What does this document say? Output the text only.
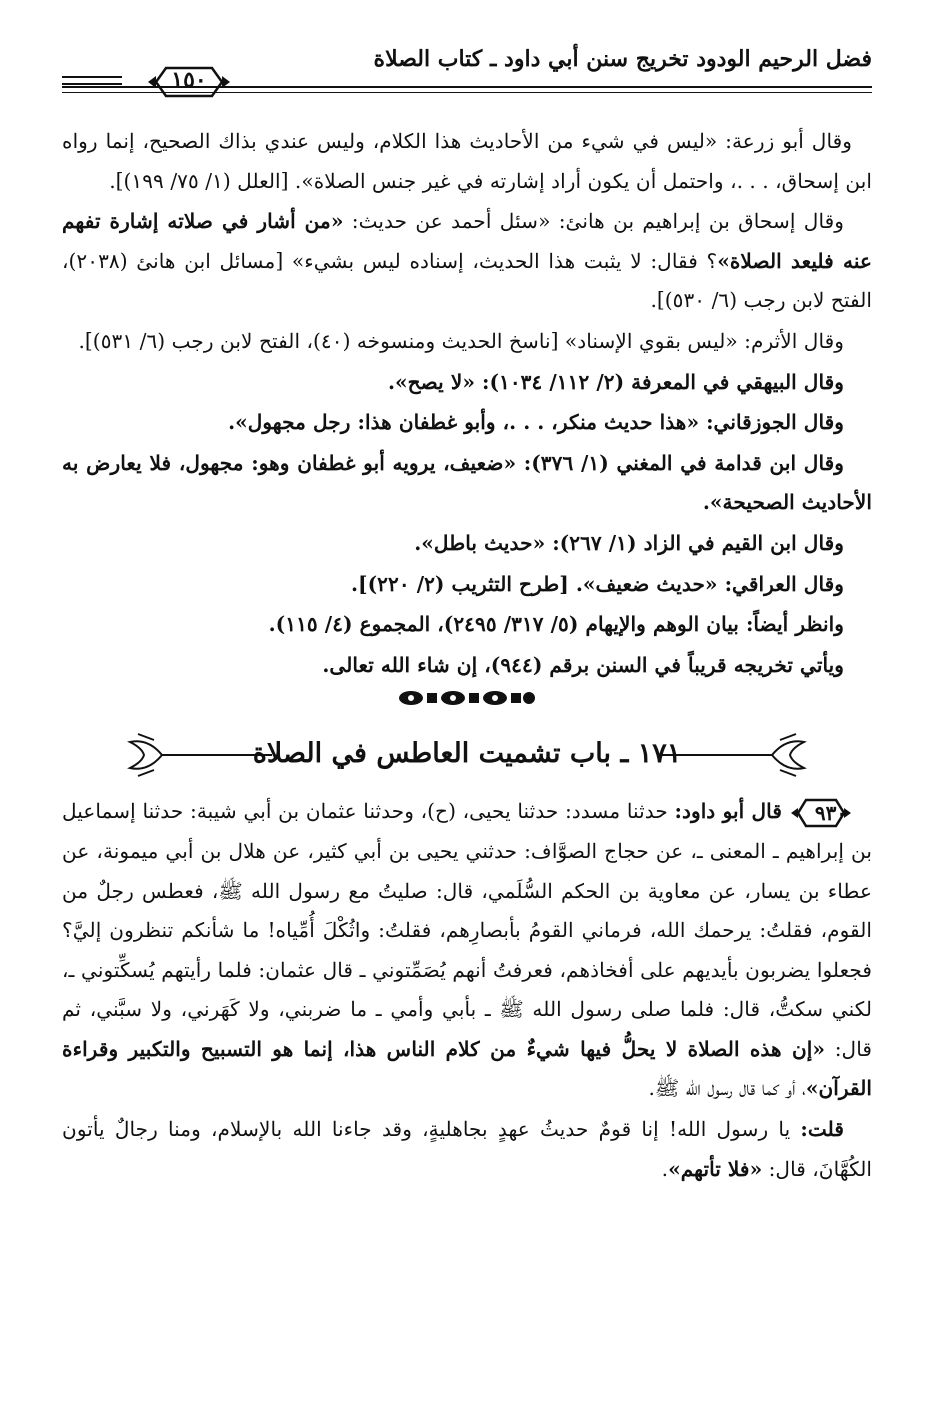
فضل الرحيم الودود تخريج سنن أبي داود ـ كتاب الصلاة
١٥٠

وقال أبو زرعة: «ليس في شيء من الأحاديث هذا الكلام، وليس عندي بذاك الصحيح، إنما رواه ابن إسحاق، . . .، واحتمل أن يكون أراد إشارته في غير جنس الصلاة». [العلل (١/ ٧٥/ ١٩٩)].

وقال إسحاق بن إبراهيم بن هانئ: «سئل أحمد عن حديث: «من أشار في صلاته إشارة تفهم عنه فليعد الصلاة»؟ فقال: لا يثبت هذا الحديث، إسناده ليس بشيء» [مسائل ابن هانئ (٢٠٣٨)، الفتح لابن رجب (٦/ ٥٣٠)].

وقال الأثرم: «ليس بقوي الإسناد» [ناسخ الحديث ومنسوخه (٤٠)، الفتح لابن رجب (٦/ ٥٣١)].

وقال البيهقي في المعرفة (٢/ ١١٢/ ١٠٣٤): «لا يصح».

وقال الجوزقاني: «هذا حديث منكر، . . .، وأبو غطفان هذا: رجل مجهول».

وقال ابن قدامة في المغني (١/ ٣٧٦): «ضعيف، يرويه أبو غطفان وهو: مجهول، فلا يعارض به الأحاديث الصحيحة».

وقال ابن القيم في الزاد (١/ ٢٦٧): «حديث باطل».

وقال العراقي: «حديث ضعيف». [طرح التثريب (٢/ ٢٢٠)].

وانظر أيضاً: بيان الوهم والإيهام (٥/ ٣١٧/ ٢٤٩٥)، المجموع (٤/ ١١٥).

ويأتي تخريجه قريباً في السنن برقم (٩٤٤)، إن شاء الله تعالى.

١٧١ ـ باب تشميت العاطس في الصلاة

٩٣٠
قال أبو داود: حدثنا مسدد: حدثنا يحيى، (ح)، وحدثنا عثمان بن أبي شيبة: حدثنا إسماعيل بن إبراهيم ـ المعنى ـ، عن حجاج الصوَّاف: حدثني يحيى بن أبي كثير، عن هلال بن أبي ميمونة، عن عطاء بن يسار، عن معاوية بن الحكم السُّلَمي، قال: صليتُ مع رسول الله ﷺ، فعطس رجلٌ من القوم، فقلتُ: يرحمك الله، فرماني القومُ بأبصارِهم، فقلتُ: واثُكْلَ أُمِّياه! ما شأنكم تنظرون إليَّ؟ فجعلوا يضربون بأيديهم على أفخاذهم، فعرفتُ أنهم يُصَمِّتوني ـ قال عثمان: فلما رأيتهم يُسكِّتوني ـ، لكني سكتُّ، قال: فلما صلى رسول الله ﷺ ـ بأبي وأمي ـ ما ضربني، ولا كَهَرني، ولا سبَّني، ثم قال: «إن هذه الصلاة لا يحلُّ فيها شيءٌ من كلام الناس هذا، إنما هو التسبيح والتكبير وقراءة القرآن»، أو كما قال رسول الله ﷺ.

قلت: يا رسول الله! إنا قومٌ حديثُ عهدٍ بجاهليةٍ، وقد جاءنا الله بالإسلام، ومنا رجالٌ يأتون الكُهَّانَ، قال: «فلا تأتهم».
